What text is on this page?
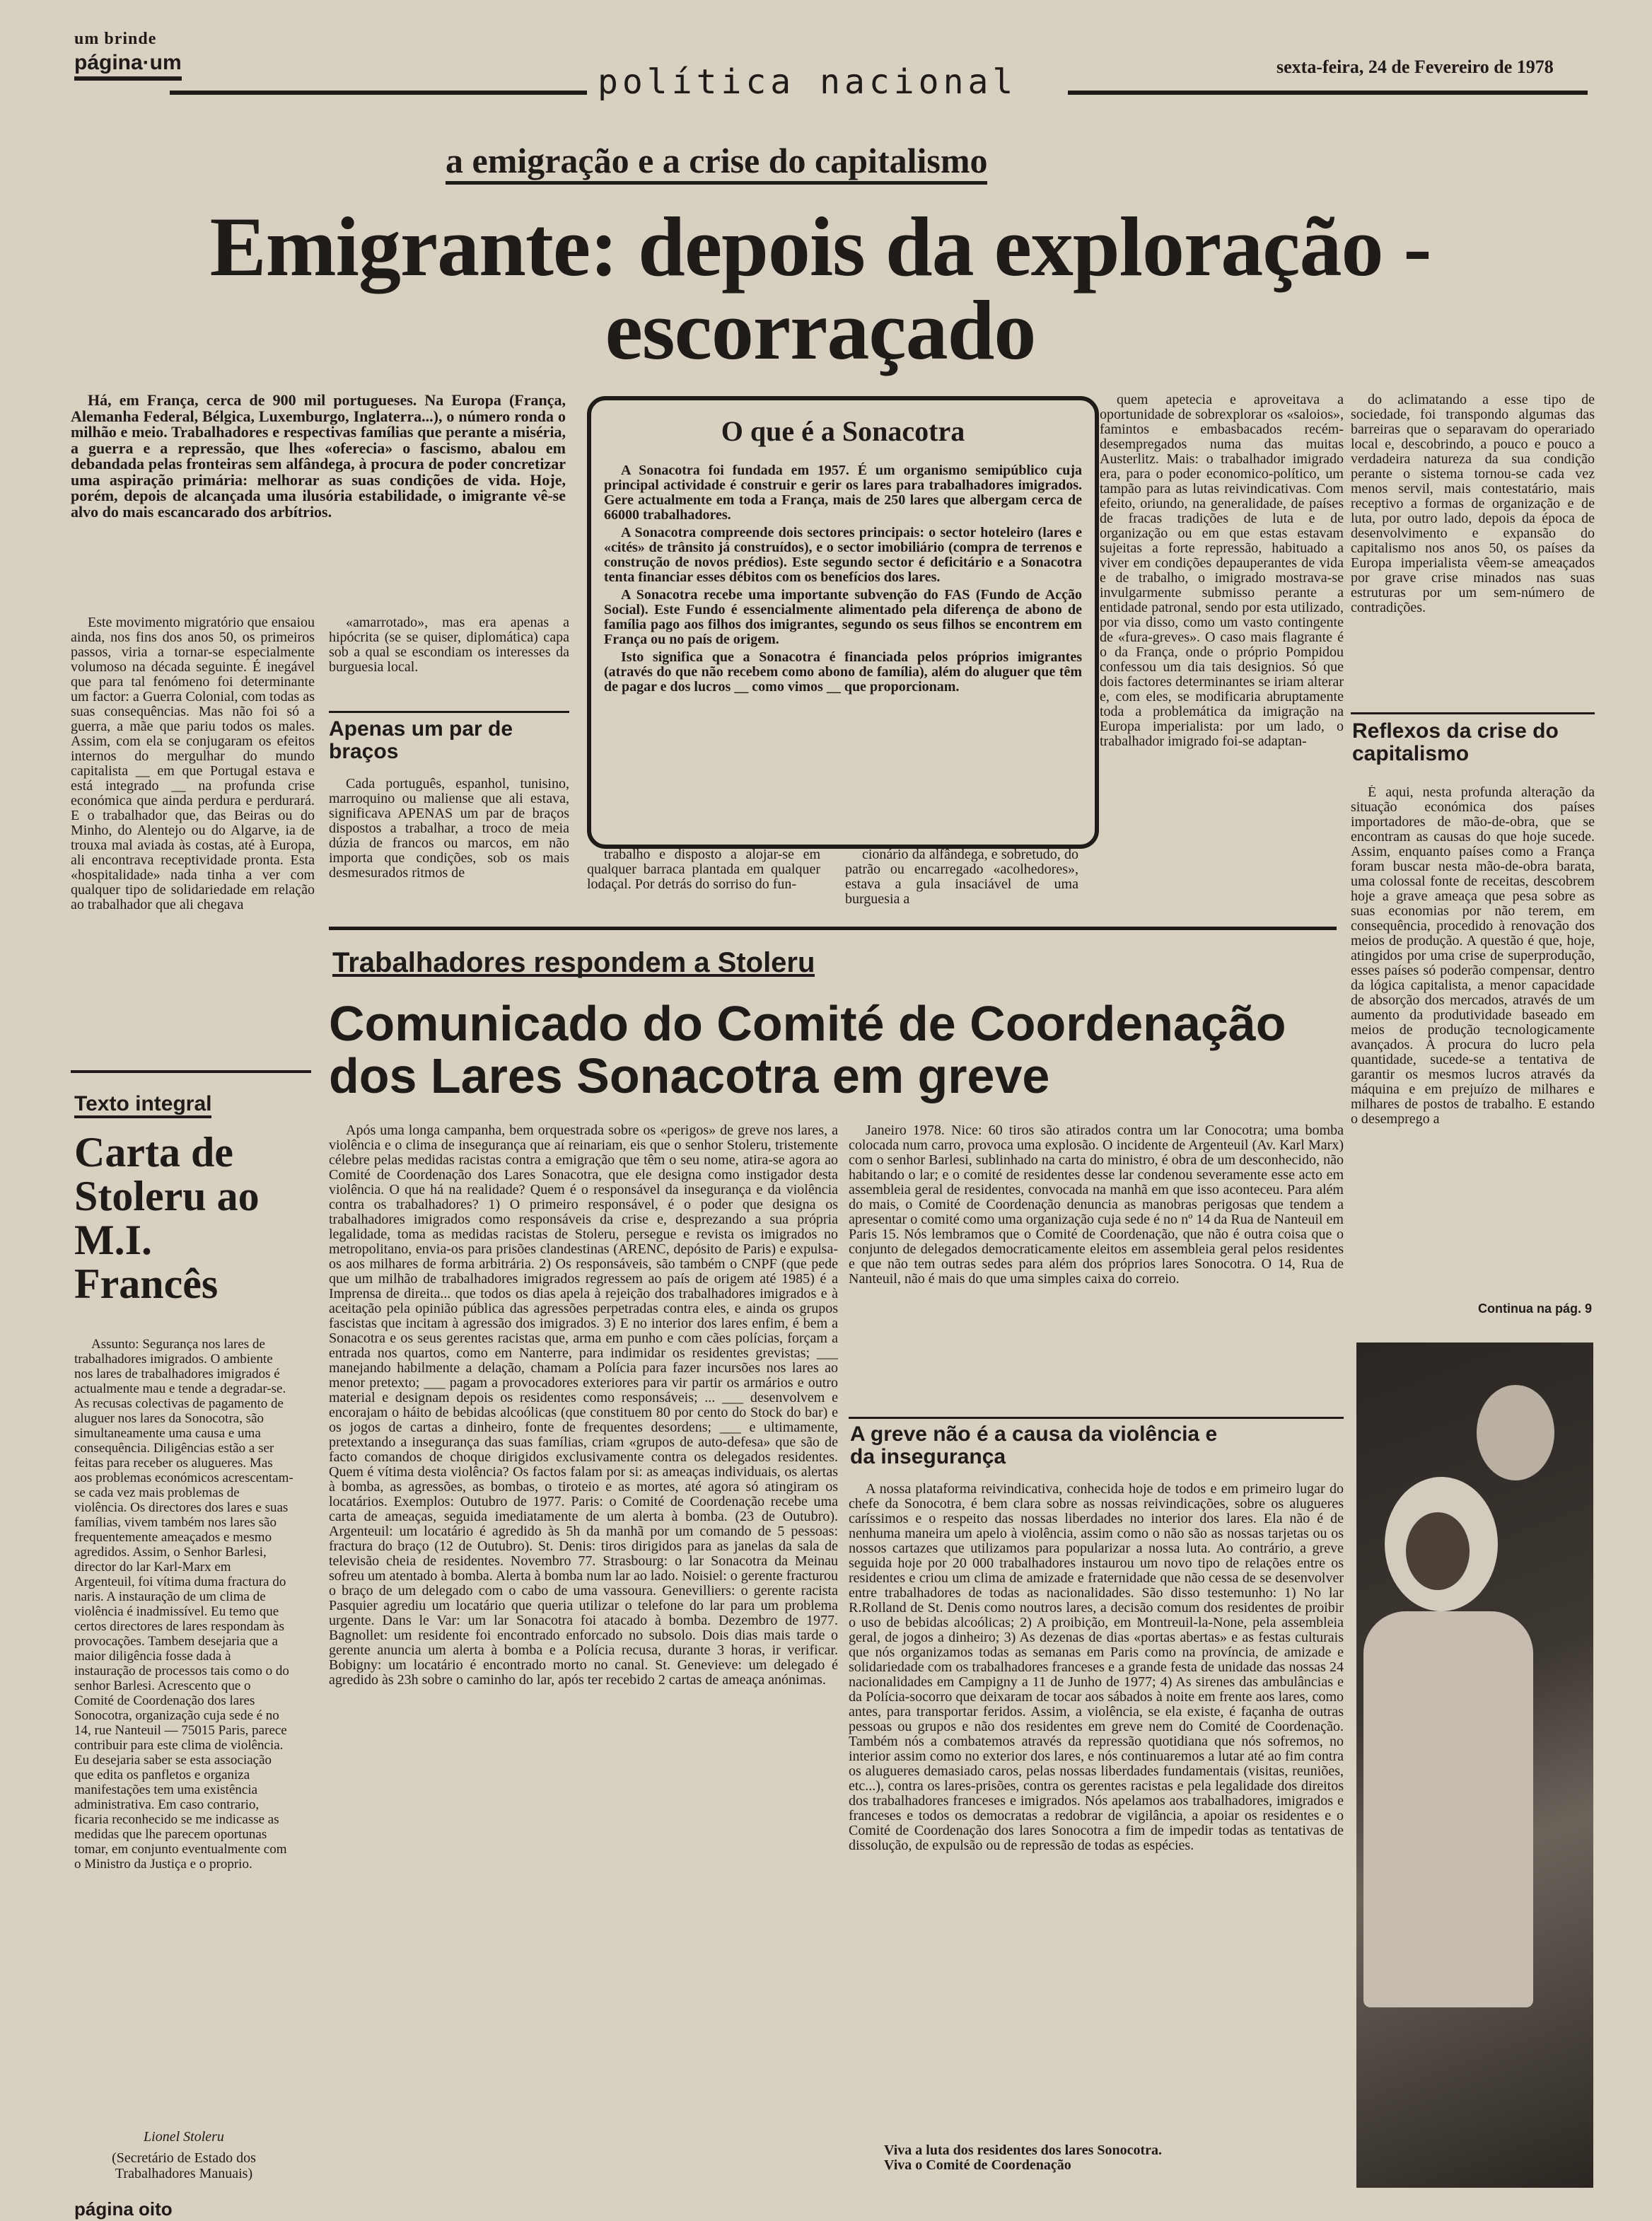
um brinde
página·um	política nacional	sexta-feira, 24 de Fevereiro de 1978
a emigração e a crise do capitalismo
Emigrante: depois da exploração - escorraçado

Há, em França, cerca de 900 mil portugueses. Na Europa (França, Alemanha Federal, Bélgica, Luxemburgo, Inglaterra...), o número ronda o milhão e meio. Trabalhadores e respectivas famílias que perante a miséria, a guerra e a repressão, que lhes «oferecia» o fascismo, abalou em debandada pelas fronteiras sem alfândega, à procura de poder concretizar uma aspiração primária: melhorar as suas condições de vida. Hoje, porém, depois de alcançada uma ilusória estabilidade, o imigrante vê-se alvo do mais escancarado dos arbítrios.

Este movimento migratório que ensaiou ainda, nos fins dos anos 50, os primeiros passos, viria a tornar-se especialmente volumoso na década seguinte. É inegável que para tal fenómeno foi determinante um factor: a Guerra Colonial, com todas as suas consequências. Mas não foi só a guerra, a mãe que pariu todos os males. Assim, com ela se conjugaram os efeitos internos do mergulhar do mundo capitalista __ em que Portugal estava e está integrado __ na profunda crise económica que ainda perdura e perdurará. E o trabalhador que, das Beiras ou do Minho, do Alentejo ou do Algarve, ia de trouxa mal aviada às costas, até à Europa, ali encontrava receptividade pronta. Esta «hospitalidade» nada tinha a ver com qualquer tipo de solidariedade em relação ao trabalhador que ali chegava

«amarrotado», mas era apenas a hipócrita (se se quiser, diplomática) capa sob a qual se escondiam os interesses da burguesia local.

Apenas um par de braços

Cada português, espanhol, tunisino, marroquino ou maliense que ali estava, significava APENAS um par de braços dispostos a trabalhar, a troco de meia dúzia de francos ou marcos, em não importa que condições, sob os mais desmesurados ritmos de

O que é a Sonacotra

A Sonacotra foi fundada em 1957. É um organismo semipúblico cuja principal actividade é construir e gerir os lares para trabalhadores imigrados. Gere actualmente em toda a França, mais de 250 lares que albergam cerca de 66000 trabalhadores.

A Sonacotra compreende dois sectores principais: o sector hoteleiro (lares e «cités» de trânsito já construídos), e o sector imobiliário (compra de terrenos e construção de novos prédios). Este segundo sector é deficitário e a Sonacotra tenta financiar esses débitos com os benefícios dos lares.

A Sonacotra recebe uma importante subvenção do FAS (Fundo de Acção Social). Este Fundo é essencialmente alimentado pela diferença de abono de família pago aos filhos dos imigrantes, segundo os seus filhos se encontrem em França ou no país de origem.

Isto significa que a Sonacotra é financiada pelos próprios imigrantes (através do que não recebem como abono de família), além do aluguer que têm de pagar e dos lucros __ como vimos __ que proporcionam.

trabalho e disposto a alojar-se em qualquer barraca plantada em qualquer lodaçal. Por detrás do sorriso do fun-

cionário da alfândega, e sobretudo, do patrão ou encarregado «acolhedores», estava a gula insaciável de uma burguesia a

quem apetecia e aproveitava a oportunidade de sobrexplorar os «saloios», famintos e embasbacados recém-desempregados numa das muitas Austerlitz. Mais: o trabalhador imigrado era, para o poder economico-político, um tampão para as lutas reivindicativas. Com efeito, oriundo, na generalidade, de países de fracas tradições de luta e de organização ou em que estas estavam sujeitas a forte repressão, habituado a viver em condições depauperantes de vida e de trabalho, o imigrado mostrava-se invulgarmente submisso perante a entidade patronal, sendo por esta utilizado, por via disso, como um vasto contingente de «fura-greves». O caso mais flagrante é o da França, onde o próprio Pompidou confessou um dia tais designios. Só que dois factores determinantes se iriam alterar e, com eles, se modificaria abruptamente toda a problemática da imigração na Europa imperialista: por um lado, o trabalhador imigrado foi-se adaptan-

do aclimatando a esse tipo de sociedade, foi transpondo algumas das barreiras que o separavam do operariado local e, descobrindo, a pouco e pouco a verdadeira natureza da sua condição perante o sistema tornou-se cada vez menos servil, mais contestatário, mais receptivo a formas de organização e de luta, por outro lado, depois da época de desenvolvimento e expansão do capitalismo nos anos 50, os países da Europa imperialista vêem-se ameaçados por grave crise minados nas suas estruturas por um sem-número de contradições.

Reflexos da crise do capitalismo

É aqui, nesta profunda alteração da situação económica dos países importadores de mão-de-obra, que se encontram as causas do que hoje sucede. Assim, enquanto países como a França foram buscar nesta mão-de-obra barata, uma colossal fonte de receitas, descobrem hoje a grave ameaça que pesa sobre as suas economias por não terem, em consequência, procedido à renovação dos meios de produção. A questão é que, hoje, atingidos por uma crise de superprodução, esses países só poderão compensar, dentro da lógica capitalista, a menor capacidade de absorção dos mercados, através de um aumento da produtividade baseado em meios de produção tecnologicamente avançados. À procura do lucro pela quantidade, sucede-se a tentativa de garantir os mesmos lucros através da máquina e em prejuízo de milhares e milhares de postos de trabalho. E estando o desemprego a

Continua na pág. 9
Trabalhadores respondem a Stoleru
Comunicado do Comité de Coordenação dos Lares Sonacotra em greve

Após uma longa campanha, bem orquestrada sobre os «perigos» de greve nos lares, a violência e o clima de insegurança que aí reinariam, eis que o senhor Stoleru, tristemente célebre pelas medidas racistas contra a emigração que têm o seu nome, atira-se agora ao Comité de Coordenação dos Lares Sonacotra, que ele designa como instigador desta violência. O que há na realidade? Quem é o responsável da insegurança e da violência contra os trabalhadores? 1) O primeiro responsável, é o poder que designa os trabalhadores imigrados como responsáveis da crise e, desprezando a sua própria legalidade, toma as medidas racistas de Stoleru, persegue e revista os imigrados no metropolitano, envia-os para prisões clandestinas (ARENC, depósito de Paris) e expulsa-os aos milhares de forma arbitrária. 2) Os responsáveis, são também o CNPF (que pede que um milhão de trabalhadores imigrados regressem ao país de origem até 1985) é a Imprensa de direita... que todos os dias apela à rejeição dos trabalhadores imigrados e à aceitação pela opinião pública das agressões perpetradas contra eles, e ainda os grupos fascistas que incitam à agressão dos imigrados. 3) E no interior dos lares enfim, é bem a Sonacotra e os seus gerentes racistas que, arma em punho e com cães polícias, forçam a entrada nos quartos, como em Nanterre, para indimidar os residentes grevistas; ___ manejando habilmente a delação, chamam a Polícia para fazer incursões nos lares ao menor pretexto; ___ pagam a provocadores exteriores para vir partir os armários e outro material e designam depois os residentes como responsáveis; ... ___ desenvolvem e encorajam o háito de bebidas alcoólicas (que constituem 80 por cento do Stock do bar) e os jogos de cartas a dinheiro, fonte de frequentes desordens; ___ e ultimamente, pretextando a insegurança das suas famílias, criam «grupos de auto-defesa» que são de facto comandos de choque dirigidos exclusivamente contra os delegados residentes. Quem é vítima desta violência? Os factos falam por si: as ameaças individuais, os alertas à bomba, as agressões, as bombas, o tiroteio e as mortes, até agora só atingiram os locatários. Exemplos: Outubro de 1977. Paris: o Comité de Coordenação recebe uma carta de ameaças, seguida imediatamente de um alerta à bomba. (23 de Outubro). Argenteuil: um locatário é agredido às 5h da manhã por um comando de 5 pessoas: fractura do braço (12 de Outubro). St. Denis: tiros dirigidos para as janelas da sala de televisão cheia de residentes. Novembro 77. Strasbourg: o lar Sonacotra da Meinau sofreu um atentado à bomba. Alerta à bomba num lar ao lado. Noisiel: o gerente fracturou o braço de um delegado com o cabo de uma vassoura. Genevilliers: o gerente racista Pasquier agrediu um locatário que queria utilizar o telefone do lar para um problema urgente. Dans le Var: um lar Sonacotra foi atacado à bomba. Dezembro de 1977. Bagnollet: um residente foi encontrado enforcado no subsolo. Dois dias mais tarde o gerente anuncia um alerta à bomba e a Polícia recusa, durante 3 horas, ir verificar. Bobigny: um locatário é encontrado morto no canal. St. Genevieve: um delegado é agredido às 23h sobre o caminho do lar, após ter recebido 2 cartas de ameaça anónimas.

Janeiro 1978. Nice: 60 tiros são atirados contra um lar Conocotra; uma bomba colocada num carro, provoca uma explosão. O incidente de Argenteuil (Av. Karl Marx) com o senhor Barlesi, sublinhado na carta do ministro, é obra de um desconhecido, não habitando o lar; e o comité de residentes desse lar condenou severamente esse acto em assembleia geral de residentes, convocada na manhã em que isso aconteceu. Para além do mais, o Comité de Coordenação denuncia as manobras perigosas que tendem a apresentar o comité como uma organização cuja sede é no nº 14 da Rua de Nanteuil em Paris 15. Nós lembramos que o Comité de Coordenação, que não é outra coisa que o conjunto de delegados democraticamente eleitos em assembleia geral pelos residentes e que não tem outras sedes para além dos próprios lares Sonocotra. O 14, Rua de Nanteuil, não é mais do que uma simples caixa do correio.

A greve não é a causa da violência e da insegurança

A nossa plataforma reivindicativa, conhecida hoje de todos e em primeiro lugar do chefe da Sonocotra, é bem clara sobre as nossas reivindicações, sobre os alugueres caríssimos e o respeito das nossas liberdades no interior dos lares. Ela não é de nenhuma maneira um apelo à violência, assim como o não são as nossas tarjetas ou os nossos cartazes que utilizamos para popularizar a nossa luta. Ao contrário, a greve seguida hoje por 20 000 trabalhadores instaurou um novo tipo de relações entre os residentes e criou um clima de amizade e fraternidade que não cessa de se desenvolver entre trabalhadores de todas as nacionalidades. São disso testemunho: 1) No lar R.Rolland de St. Denis como noutros lares, a decisão comum dos residentes de proibir o uso de bebidas alcoólicas; 2) A proibição, em Montreuil-la-None, pela assembleia geral, de jogos a dinheiro; 3) As dezenas de dias «portas abertas» e as festas culturais que nós organizamos todas as semanas em Paris como na província, de amizade e solidariedade com os trabalhadores franceses e a grande festa de unidade das nossas 24 nacionalidades em Campigny a 11 de Junho de 1977; 4) As sirenes das ambulâncias e da Polícia-socorro que deixaram de tocar aos sábados à noite em frente aos lares, como antes, para transportar feridos. Assim, a violência, se ela existe, é façanha de outras pessoas ou grupos e não dos residentes em greve nem do Comité de Coordenação. Também nós a combatemos através da repressão quotidiana que nós sofremos, no interior assim como no exterior dos lares, e nós continuaremos a lutar até ao fim contra os alugueres demasiado caros, pelas nossas liberdades fundamentais (visitas, reuniões, etc...), contra os lares-prisões, contra os gerentes racistas e pela legalidade dos direitos dos trabalhadores franceses e imigrados. Nós apelamos aos trabalhadores, imigrados e franceses e todos os democratas a redobrar de vigilância, a apoiar os residentes e o Comité de Coordenação dos lares Sonocotra a fim de impedir todas as tentativas de dissolução, de expulsão ou de repressão de todas as espécies.

Viva a luta dos residentes dos lares Sonocotra.
Viva o Comité de Coordenação
Texto integral
Carta de Stoleru ao M.I. Francês

Assunto: Segurança nos lares de trabalhadores imigrados. O ambiente nos lares de trabalhadores imigrados é actualmente mau e tende a degradar-se. As recusas colectivas de pagamento de aluguer nos lares da Sonocotra, são simultaneamente uma causa e uma consequência. Diligências estão a ser feitas para receber os alugueres. Mas aos problemas económicos acrescentam-se cada vez mais problemas de violência. Os directores dos lares e suas famílias, vivem também nos lares são frequentemente ameaçados e mesmo agredidos. Assim, o Senhor Barlesi, director do lar Karl-Marx em Argenteuil, foi vítima duma fractura do naris. A instauração de um clima de violência é inadmissível. Eu temo que certos directores de lares respondam às provocações. Tambem desejaria que a maior diligência fosse dada à instauração de processos tais como o do senhor Barlesi. Acrescento que o Comité de Coordenação dos lares Sonocotra, organização cuja sede é no 14, rue Nanteuil — 75015 Paris, parece contribuir para este clima de violência. Eu desejaria saber se esta associação que edita os panfletos e organiza manifestações tem uma existência administrativa. Em caso contrario, ficaria reconhecido se me indicasse as medidas que lhe parecem oportunas tomar, em conjunto eventualmente com o Ministro da Justiça e o proprio.

Lionel Stoleru
(Secretário de Estado dos Trabalhadores Manuais)
página oito
